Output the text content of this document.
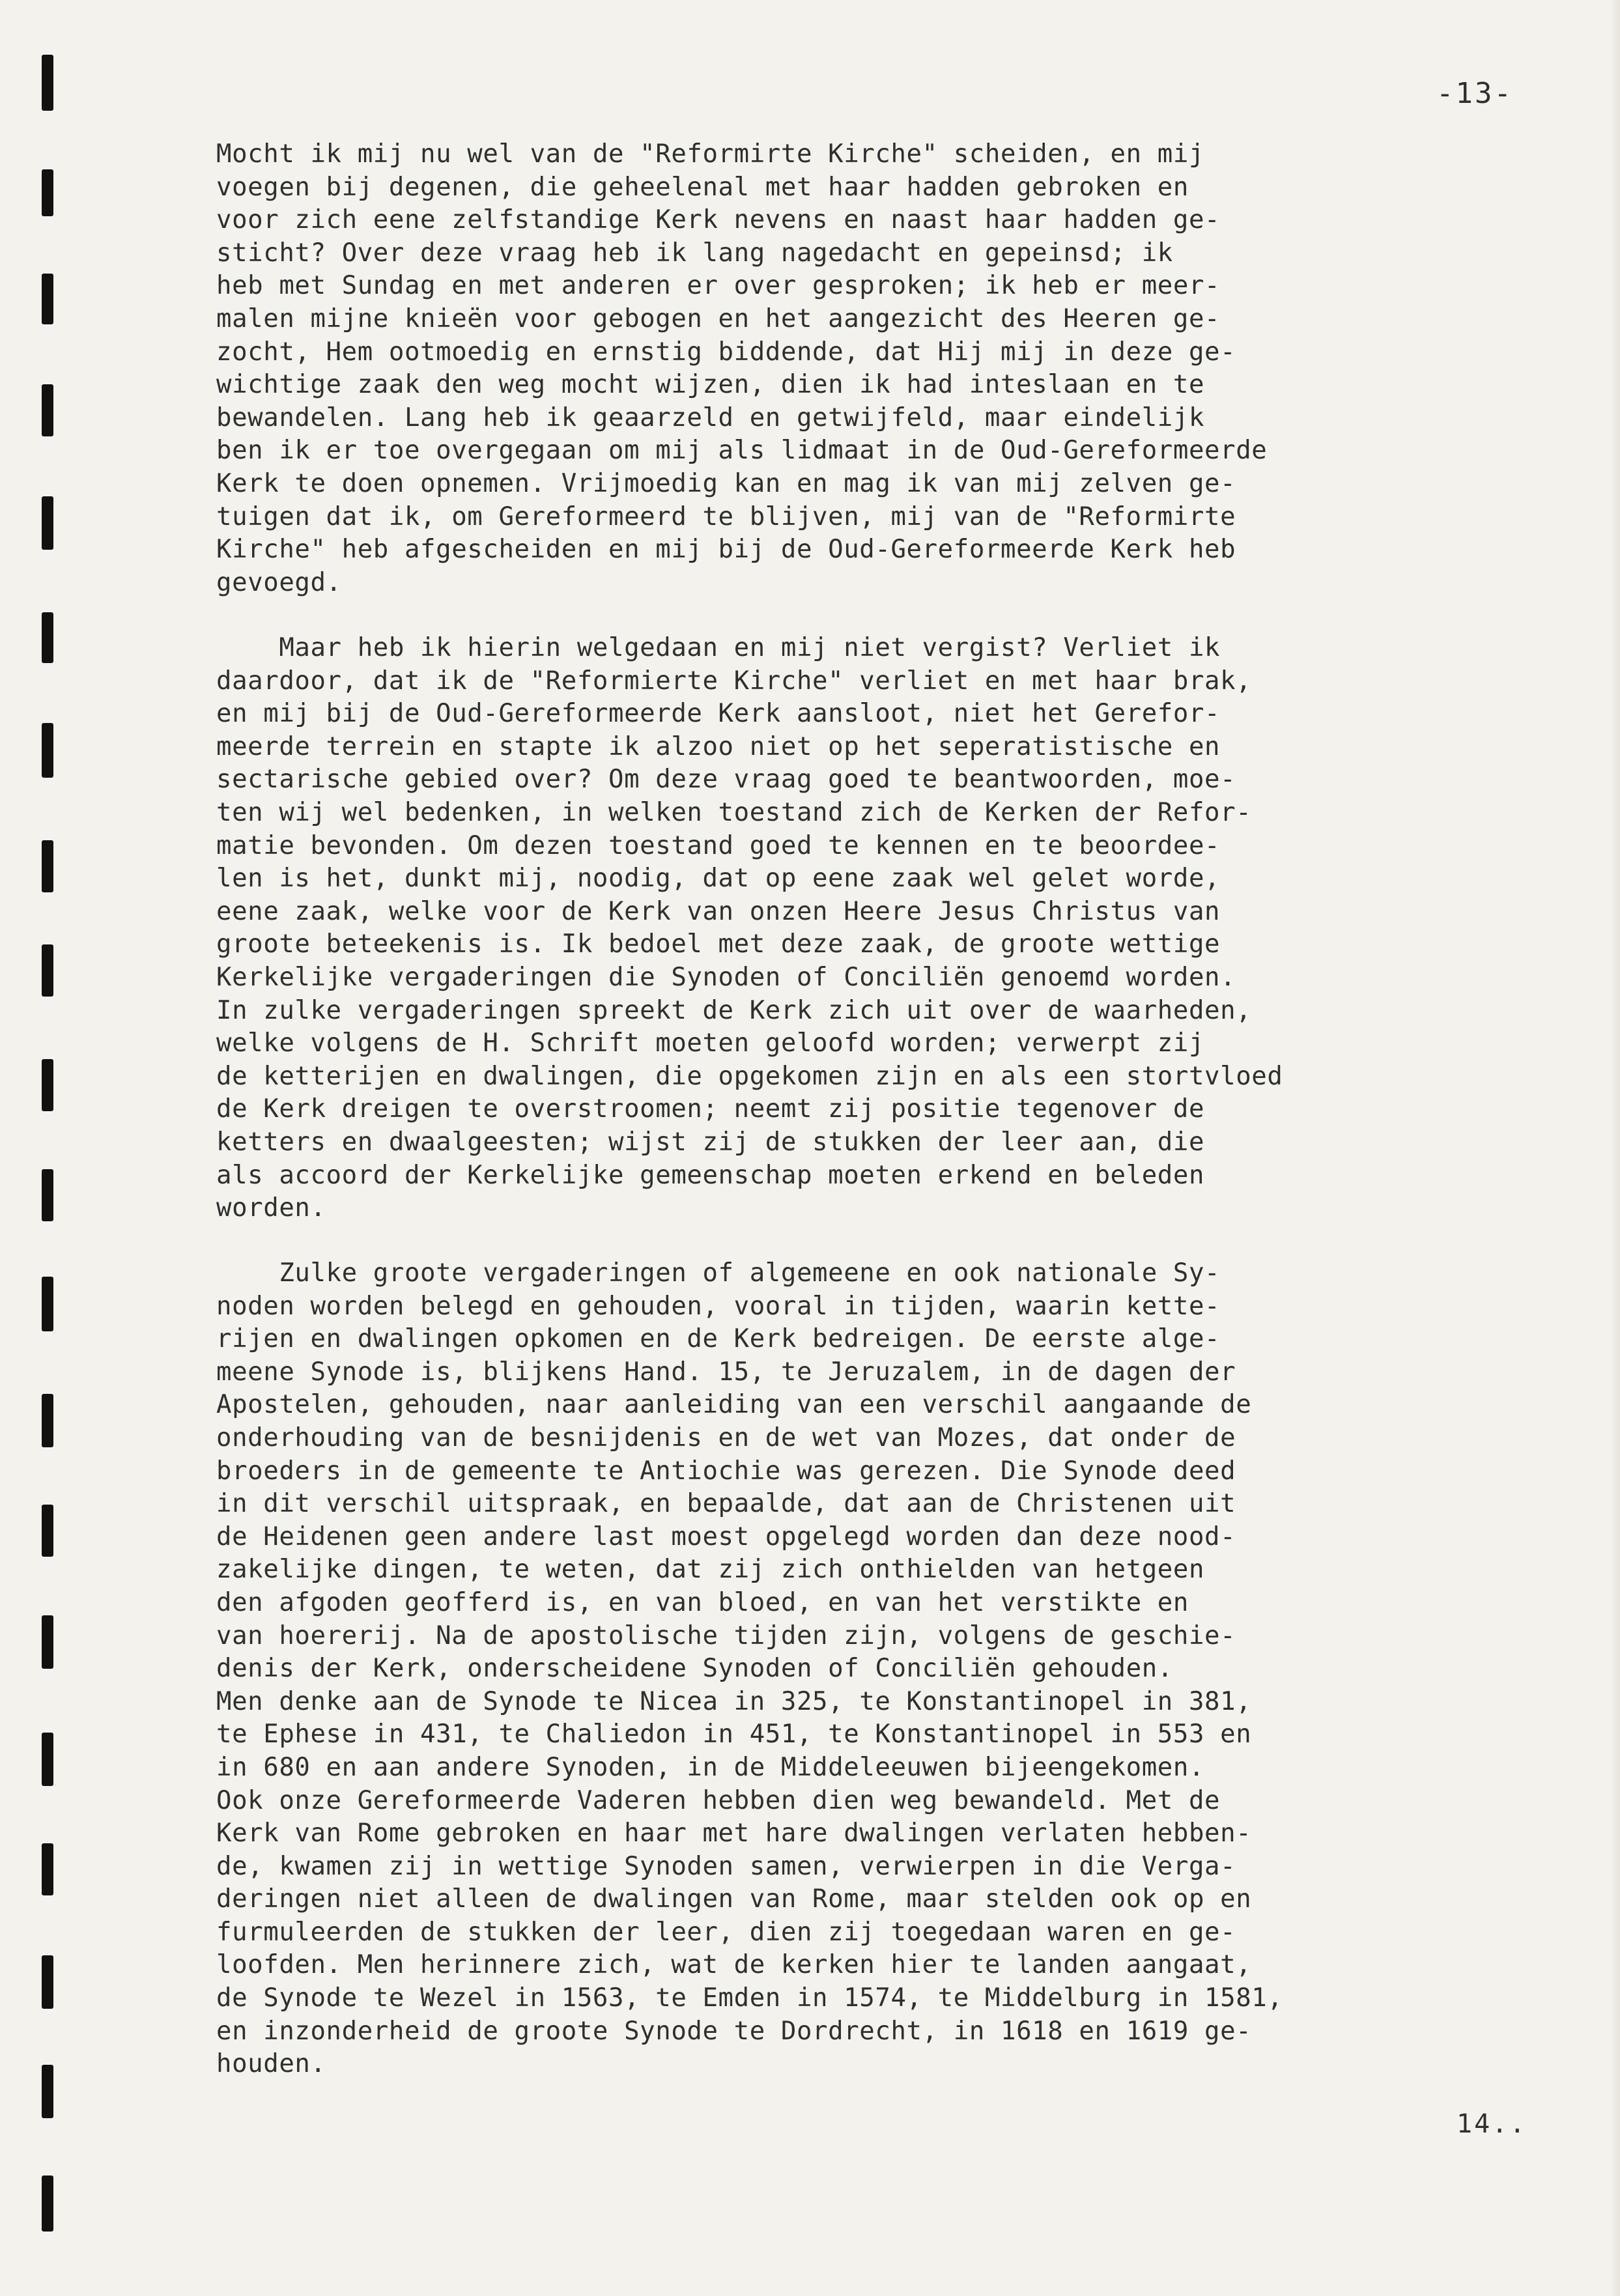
-13-
Mocht ik mij nu wel van de "Reformirte Kirche" scheiden, en mij
voegen bij degenen, die geheelenal met haar hadden gebroken en
voor zich eene zelfstandige Kerk nevens en naast haar hadden ge-
sticht? Over deze vraag heb ik lang nagedacht en gepeinsd; ik
heb met Sundag en met anderen er over gesproken; ik heb er meer-
malen mijne knieën voor gebogen en het aangezicht des Heeren ge-
zocht, Hem ootmoedig en ernstig biddende, dat Hij mij in deze ge-
wichtige zaak den weg mocht wijzen, dien ik had inteslaan en te
bewandelen. Lang heb ik geaarzeld en getwijfeld, maar eindelijk
ben ik er toe overgegaan om mij als lidmaat in de Oud-Gereformeerde
Kerk te doen opnemen. Vrijmoedig kan en mag ik van mij zelven ge-
tuigen dat ik, om Gereformeerd te blijven, mij van de "Reformirte
Kirche" heb afgescheiden en mij bij de Oud-Gereformeerde Kerk heb
gevoegd.
Maar heb ik hierin welgedaan en mij niet vergist? Verliet ik
daardoor, dat ik de "Reformierte Kirche" verliet en met haar brak,
en mij bij de Oud-Gereformeerde Kerk aansloot, niet het Gerefor-
meerde terrein en stapte ik alzoo niet op het seperatistische en
sectarische gebied over? Om deze vraag goed te beantwoorden, moe-
ten wij wel bedenken, in welken toestand zich de Kerken der Refor-
matie bevonden. Om dezen toestand goed te kennen en te beoordee-
len is het, dunkt mij, noodig, dat op eene zaak wel gelet worde,
eene zaak, welke voor de Kerk van onzen Heere Jesus Christus van
groote beteekenis is. Ik bedoel met deze zaak, de groote wettige
Kerkelijke vergaderingen die Synoden of Conciliën genoemd worden.
In zulke vergaderingen spreekt de Kerk zich uit over de waarheden,
welke volgens de H. Schrift moeten geloofd worden; verwerpt zij
de ketterijen en dwalingen, die opgekomen zijn en als een stortvloed
de Kerk dreigen te overstroomen; neemt zij positie tegenover de
ketters en dwaalgeesten; wijst zij de stukken der leer aan, die
als accoord der Kerkelijke gemeenschap moeten erkend en beleden
worden.
Zulke groote vergaderingen of algemeene en ook nationale Sy-
noden worden belegd en gehouden, vooral in tijden, waarin kette-
rijen en dwalingen opkomen en de Kerk bedreigen. De eerste alge-
meene Synode is, blijkens Hand. 15, te Jeruzalem, in de dagen der
Apostelen, gehouden, naar aanleiding van een verschil aangaande de
onderhouding van de besnijdenis en de wet van Mozes, dat onder de
broeders in de gemeente te Antiochie was gerezen. Die Synode deed
in dit verschil uitspraak, en bepaalde, dat aan de Christenen uit
de Heidenen geen andere last moest opgelegd worden dan deze nood-
zakelijke dingen, te weten, dat zij zich onthielden van hetgeen
den afgoden geofferd is, en van bloed, en van het verstikte en
van hoererij. Na de apostolische tijden zijn, volgens de geschie-
denis der Kerk, onderscheidene Synoden of Conciliën gehouden.
Men denke aan de Synode te Nicea in 325, te Konstantinopel in 381,
te Ephese in 431, te Chaliedon in 451, te Konstantinopel in 553 en
in 680 en aan andere Synoden, in de Middeleeuwen bijeengekomen.
Ook onze Gereformeerde Vaderen hebben dien weg bewandeld. Met de
Kerk van Rome gebroken en haar met hare dwalingen verlaten hebben-
de, kwamen zij in wettige Synoden samen, verwierpen in die Verga-
deringen niet alleen de dwalingen van Rome, maar stelden ook op en
furmuleerden de stukken der leer, dien zij toegedaan waren en ge-
loofden. Men herinnere zich, wat de kerken hier te landen aangaat,
de Synode te Wezel in 1563, te Emden in 1574, te Middelburg in 1581,
en inzonderheid de groote Synode te Dordrecht, in 1618 en 1619 ge-
houden.
14..
